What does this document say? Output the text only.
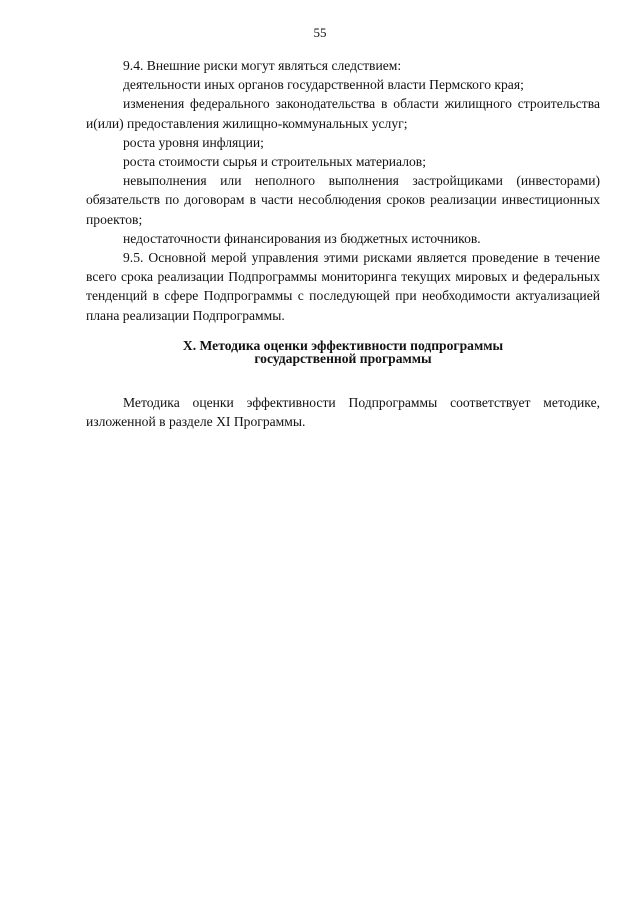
55

9.4. Внешние риски могут являться следствием:

деятельности иных органов государственной власти Пермского края;

изменения федерального законодательства в области жилищного строительства и(или) предоставления жилищно-коммунальных услуг;

роста уровня инфляции;

роста стоимости сырья и строительных материалов;

невыполнения или неполного выполнения застройщиками (инвесторами) обязательств по договорам в части несоблюдения сроков реализации инвестиционных проектов;

недостаточности финансирования из бюджетных источников.

9.5. Основной мерой управления этими рисками является проведение в течение всего срока реализации Подпрограммы мониторинга текущих мировых и федеральных тенденций в сфере Подпрограммы с последующей при необходимости актуализацией плана реализации Подпрограммы.

X. Методика оценки эффективности подпрограммы
государственной программы

Методика оценки эффективности Подпрограммы соответствует методике, изложенной в разделе XI Программы.
